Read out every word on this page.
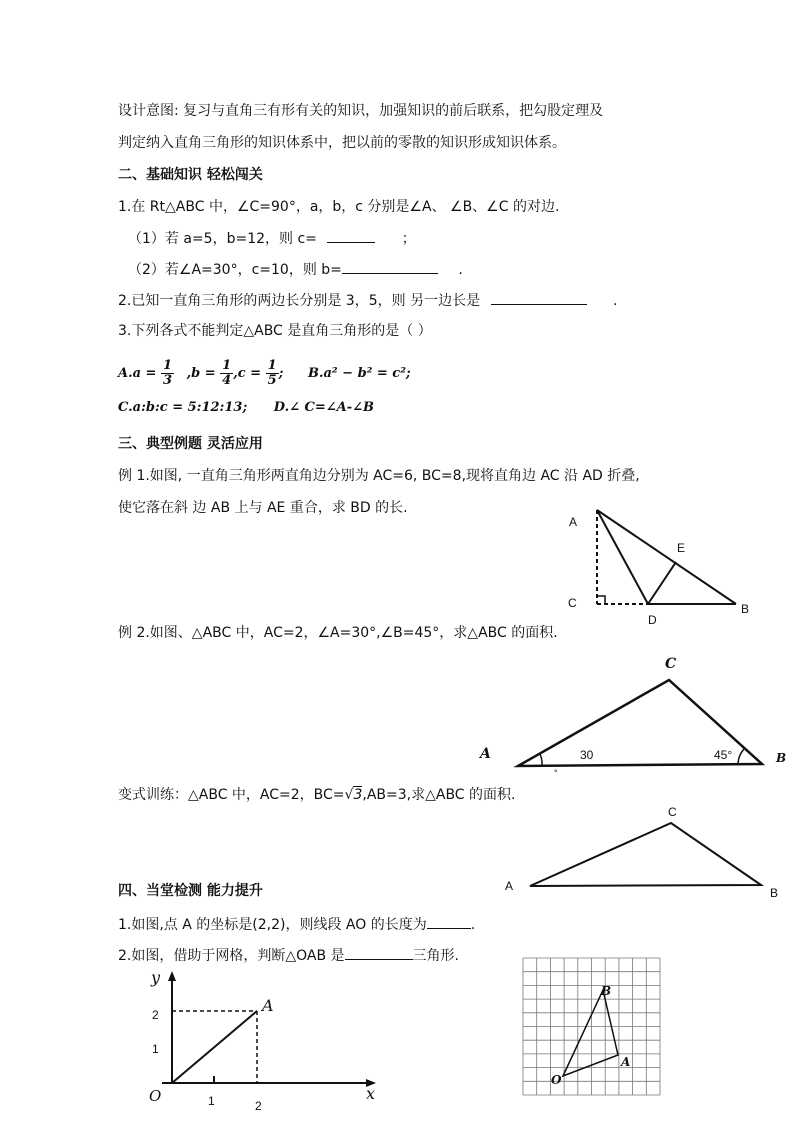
设计意图: 复习与直角三有形有关的知识，加强知识的前后联系，把勾股定理及
判定纳入直角三角形的知识体系中，把以前的零散的知识形成知识体系。
二、基础知识 轻松闯关
1.在 Rt△ABC 中，∠C=90°，a，b，c 分别是∠A、 ∠B、∠C 的对边.
（1）若 a=5，b=12，则 c=	；
（2）若∠A=30°，c=10，则 b=	.
2.已知一直角三角形的两边长分别是 3，5，则 另一边长是	.
3.下列各式不能判定△ABC 是直角三角形的是（ ）
$A.a = \frac{1}{3} ,b = \frac{1}{4} ,c = \frac{1}{5}$ ; B.a² − b² = c²;
C.a:b:c = 5:12:13; D.∠ C=∠A-∠B
三、典型例题 灵活应用
例 1.如图, 一直角三角形两直角边分别为 AC=6, BC=8,现将直角边 AC 沿 AD 折叠,
使它落在斜 边 AB 上与 AE 重合，求 BD 的长.
A
E
C
D
B
例 2.如图、△ABC 中，AC=2，∠A=30°,∠B=45°，求△ABC 的面积.
C
A	B
30
°
45°
变式训练：△ABC 中，AC=2，BC=√3,AB=3,求△ABC 的面积.
C
A	B
四、当堂检测 能力提升
1.如图,点 A 的坐标是(2,2)，则线段 AO 的长度为	.
2.如图，借助于网格，判断△OAB 是	三角形.
y
x
O
A
2
1
1	2
O
B
A
